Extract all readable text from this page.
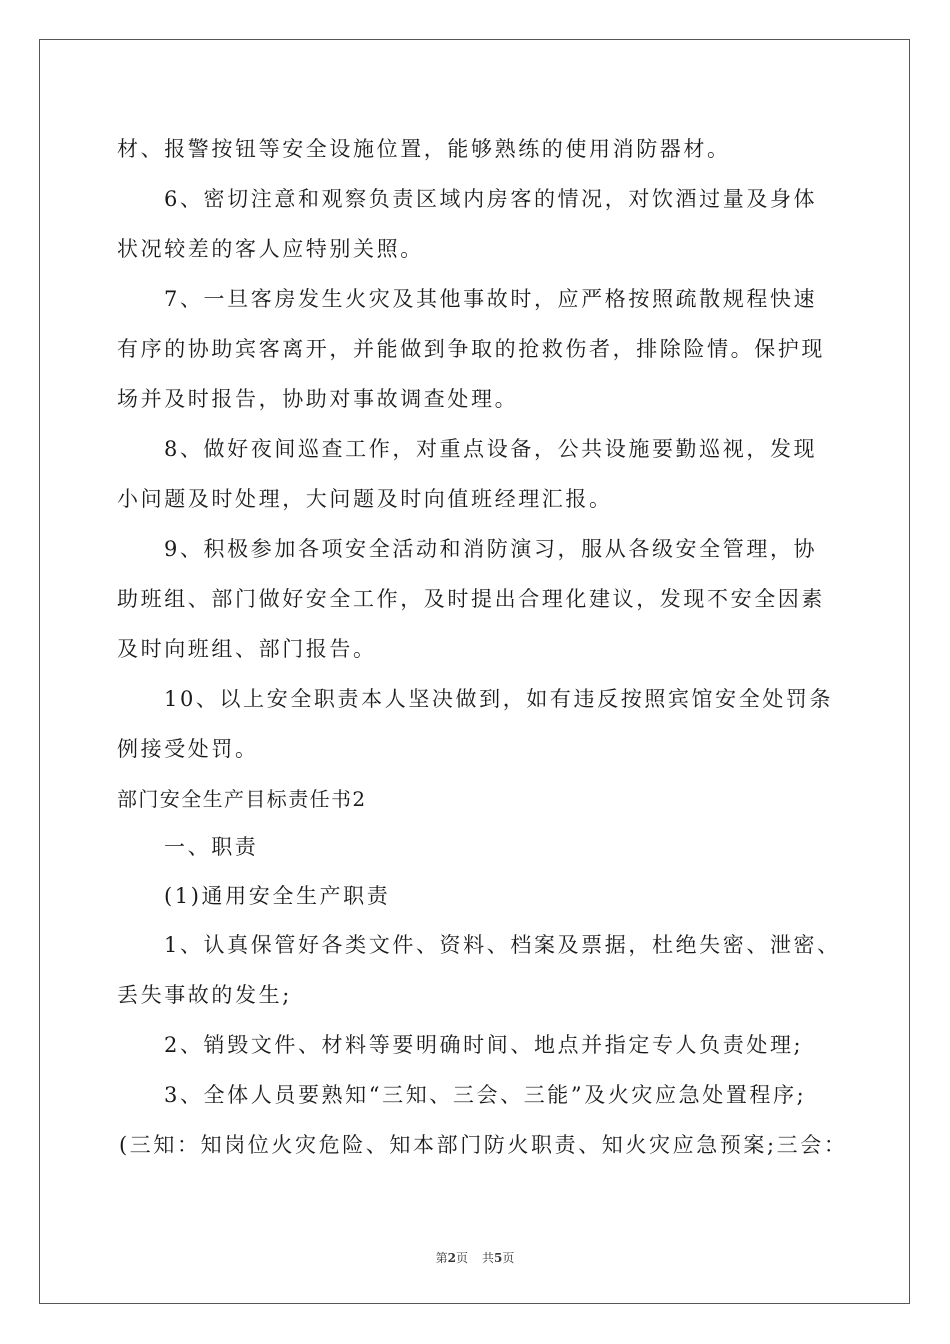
材、报警按钮等安全设施位置，能够熟练的使用消防器材。
6、密切注意和观察负责区域内房客的情况，对饮酒过量及身体
状况较差的客人应特别关照。
7、一旦客房发生火灾及其他事故时，应严格按照疏散规程快速
有序的协助宾客离开，并能做到争取的抢救伤者，排除险情。保护现
场并及时报告，协助对事故调查处理。
8、做好夜间巡查工作，对重点设备，公共设施要勤巡视，发现
小问题及时处理，大问题及时向值班经理汇报。
9、积极参加各项安全活动和消防演习，服从各级安全管理，协
助班组、部门做好安全工作，及时提出合理化建议，发现不安全因素
及时向班组、部门报告。
10、以上安全职责本人坚决做到，如有违反按照宾馆安全处罚条
例接受处罚。
部门安全生产目标责任书2
一、职责
(1)通用安全生产职责
1、认真保管好各类文件、资料、档案及票据，杜绝失密、泄密、
丢失事故的发生;
2、销毁文件、材料等要明确时间、地点并指定专人负责处理;
3、全体人员要熟知“三知、三会、三能”及火灾应急处置程序;
(三知：知岗位火灾危险、知本部门防火职责、知火灾应急预案;三会：
第2页 共5页
